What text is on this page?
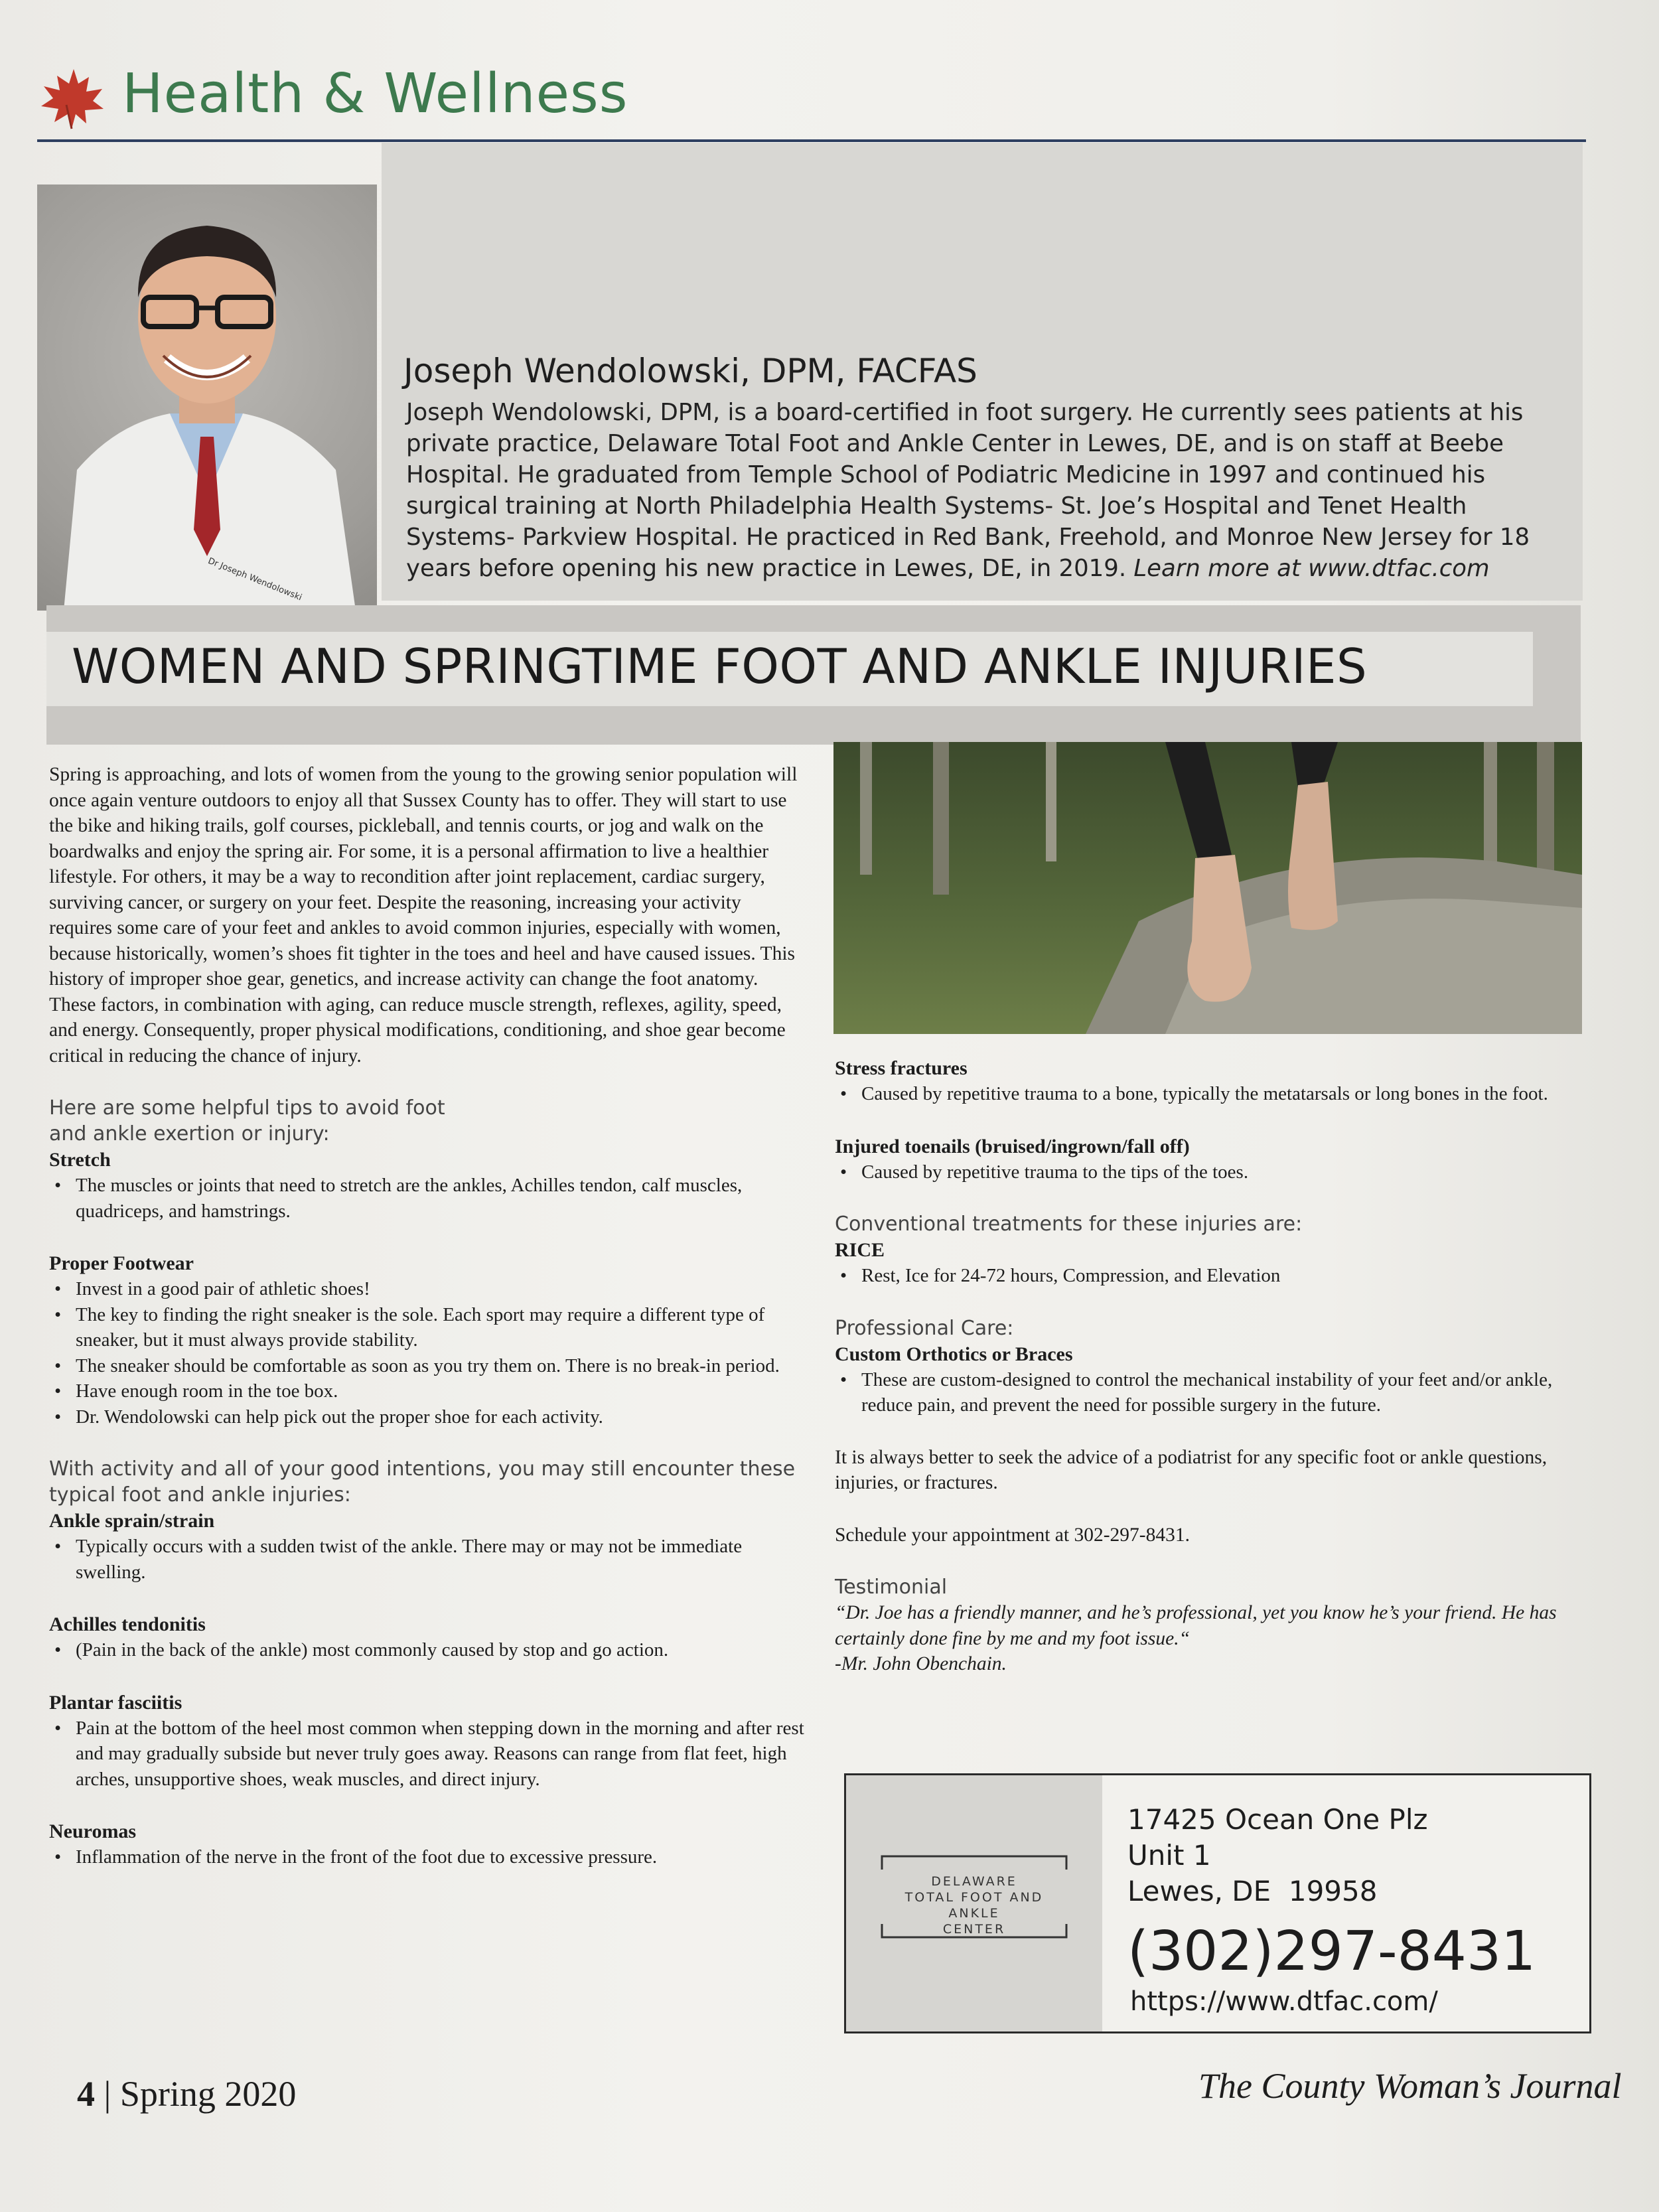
Health & Wellness
Dr Joseph Wendolowski
Joseph Wendolowski, DPM, FACFAS
Joseph Wendolowski, DPM, is a board-certified in foot surgery. He currently sees patients at his private practice, Delaware Total Foot and Ankle Center in Lewes, DE, and is on staff at Beebe Hospital. He graduated from Temple School of Podiatric Medicine in 1997 and continued his surgical training at North Philadelphia Health Systems- St. Joe’s Hospital and Tenet Health Systems- Parkview Hospital. He practiced in Red Bank, Freehold, and Monroe New Jersey for 18 years before opening his new practice in Lewes, DE, in 2019. Learn more at www.dtfac.com
WOMEN AND SPRINGTIME FOOT AND ANKLE INJURIES

Spring is approaching, and lots of women from the young to the growing senior population will once again venture outdoors to enjoy all that Sussex County has to offer. They will start to use the bike and hiking trails, golf courses, pickleball, and tennis courts, or jog and walk on the boardwalks and enjoy the spring air. For some, it is a personal affirmation to live a healthier lifestyle. For others, it may be a way to recondition after joint replacement, cardiac surgery, surviving cancer, or surgery on your feet. Despite the reasoning, increasing your activity requires some care of your feet and ankles to avoid common injuries, especially with women, because historically, women’s shoes fit tighter in the toes and heel and have caused issues. This history of improper shoe gear, genetics, and increase activity can change the foot anatomy. These factors, in combination with aging, can reduce muscle strength, reflexes, agility, speed, and energy. Consequently, proper physical modifications, conditioning, and shoe gear become critical in reducing the chance of injury.

Here are some helpful tips to avoid foot and ankle exertion or injury:

Stretch

• The muscles or joints that need to stretch are the ankles, Achilles tendon, calf muscles, quadriceps, and hamstrings.

Proper Footwear

• Invest in a good pair of athletic shoes!
• The key to finding the right sneaker is the sole. Each sport may require a different type of sneaker, but it must always provide stability.
• The sneaker should be comfortable as soon as you try them on. There is no break-in period.
• Have enough room in the toe box.
• Dr. Wendolowski can help pick out the proper shoe for each activity.

With activity and all of your good intentions, you may still encounter these typical foot and ankle injuries:

Ankle sprain/strain

• Typically occurs with a sudden twist of the ankle. There may or may not be immediate swelling.

Achilles tendonitis

• (Pain in the back of the ankle) most commonly caused by stop and go action.

Plantar fasciitis

• Pain at the bottom of the heel most common when stepping down in the morning and after rest and may gradually subside but never truly goes away. Reasons can range from flat feet, high arches, unsupportive shoes, weak muscles, and direct injury.

Neuromas

• Inflammation of the nerve in the front of the foot due to excessive pressure.

Stress fractures

• Caused by repetitive trauma to a bone, typically the metatarsals or long bones in the foot.

Injured toenails (bruised/ingrown/fall off)

• Caused by repetitive trauma to the tips of the toes.

Conventional treatments for these injuries are:

RICE

• Rest, Ice for 24-72 hours, Compression, and Elevation

Professional Care:

Custom Orthotics or Braces

• These are custom-designed to control the mechanical instability of your feet and/or ankle, reduce pain, and prevent the need for possible surgery in the future.

It is always better to seek the advice of a podiatrist for any specific foot or ankle questions, injuries, or fractures.

Schedule your appointment at 302-297-8431.

Testimonial

“Dr. Joe has a friendly manner, and he’s professional, yet you know he’s your friend. He has certainly done fine by me and my foot issue.“

-Mr. John Obenchain.

DELAWARE
TOTAL FOOT AND ANKLE
CENTER
17425 Ocean One Plz
Unit 1
Lewes, DE  19958
(302)297-8431
https://www.dtfac.com/
4 | Spring 2020	The County Woman’s Journal
